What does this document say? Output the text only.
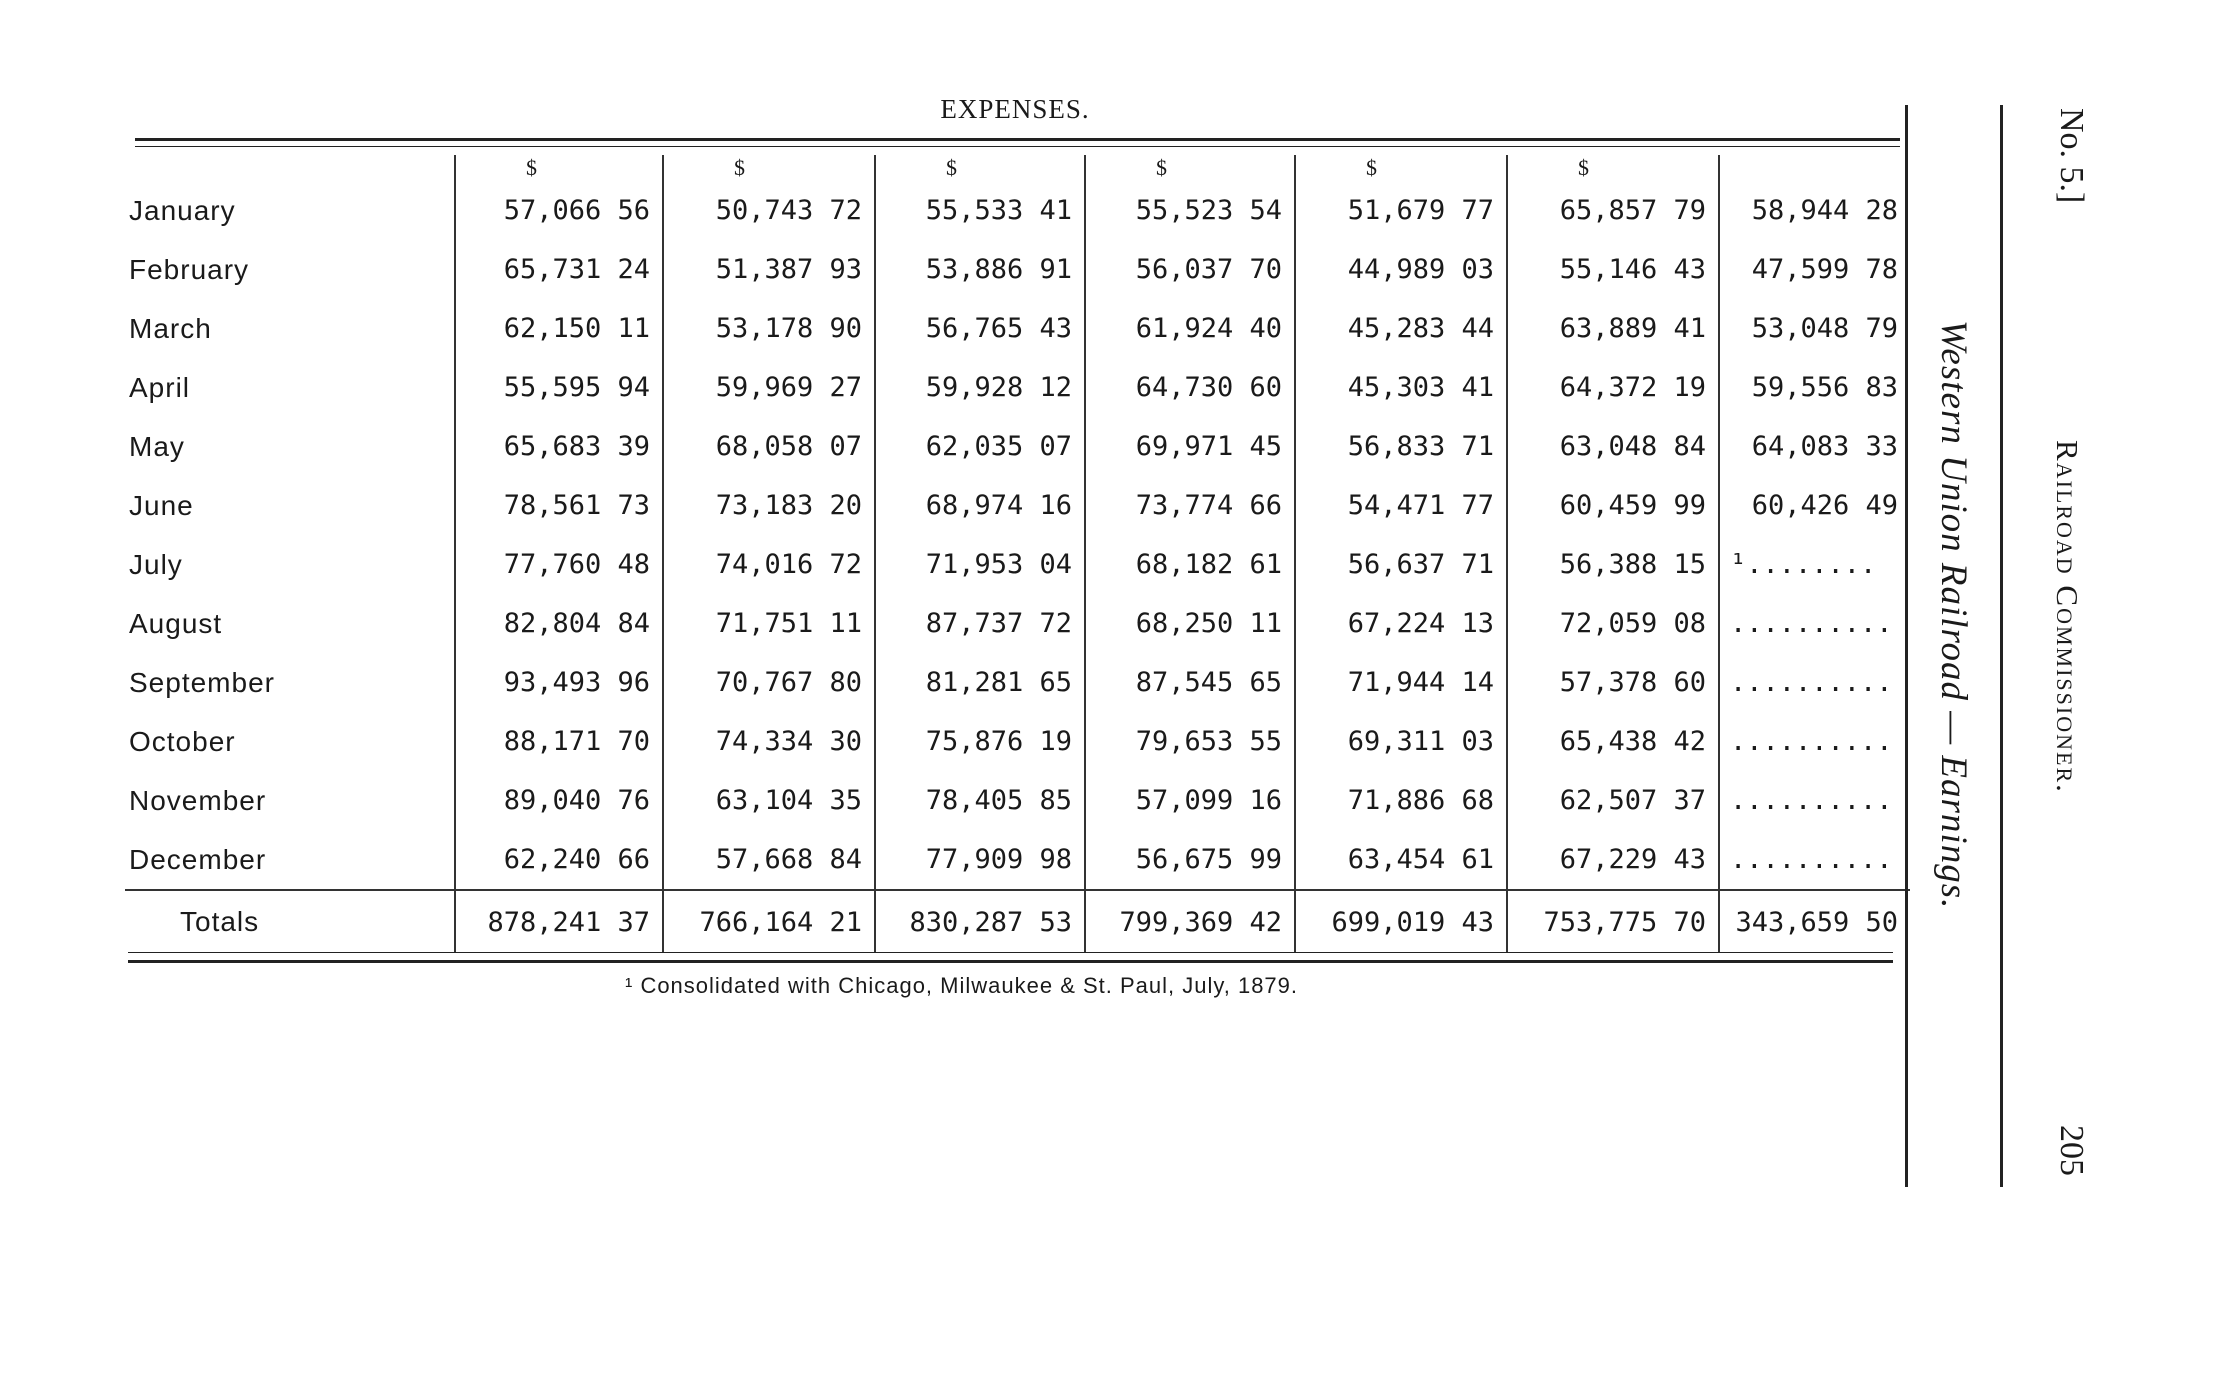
EXPENSES.
	$	$	$	$	$	$	
January	57,066 56	50,743 72	55,533 41	55,523 54	51,679 77	65,857 79	58,944 28
February	65,731 24	51,387 93	53,886 91	56,037 70	44,989 03	55,146 43	47,599 78
March	62,150 11	53,178 90	56,765 43	61,924 40	45,283 44	63,889 41	53,048 79
April	55,595 94	59,969 27	59,928 12	64,730 60	45,303 41	64,372 19	59,556 83
May	65,683 39	68,058 07	62,035 07	69,971 45	56,833 71	63,048 84	64,083 33
June	78,561 73	73,183 20	68,974 16	73,774 66	54,471 77	60,459 99	60,426 49
July	77,760 48	74,016 72	71,953 04	68,182 61	56,637 71	56,388 15	¹........
August	82,804 84	71,751 11	87,737 72	68,250 11	67,224 13	72,059 08	..........
September	93,493 96	70,767 80	81,281 65	87,545 65	71,944 14	57,378 60	..........
October	88,171 70	74,334 30	75,876 19	79,653 55	69,311 03	65,438 42	..........
November	89,040 76	63,104 35	78,405 85	57,099 16	71,886 68	62,507 37	..........
December	62,240 66	57,668 84	77,909 98	56,675 99	63,454 61	67,229 43	..........
Totals	878,241 37	766,164 21	830,287 53	799,369 42	699,019 43	753,775 70	343,659 50
¹ Consolidated with Chicago, Milwaukee & St. Paul, July, 1879.
Western Union Railroad — Earnings.
No. 5.]
Railroad Commissioner.
205
